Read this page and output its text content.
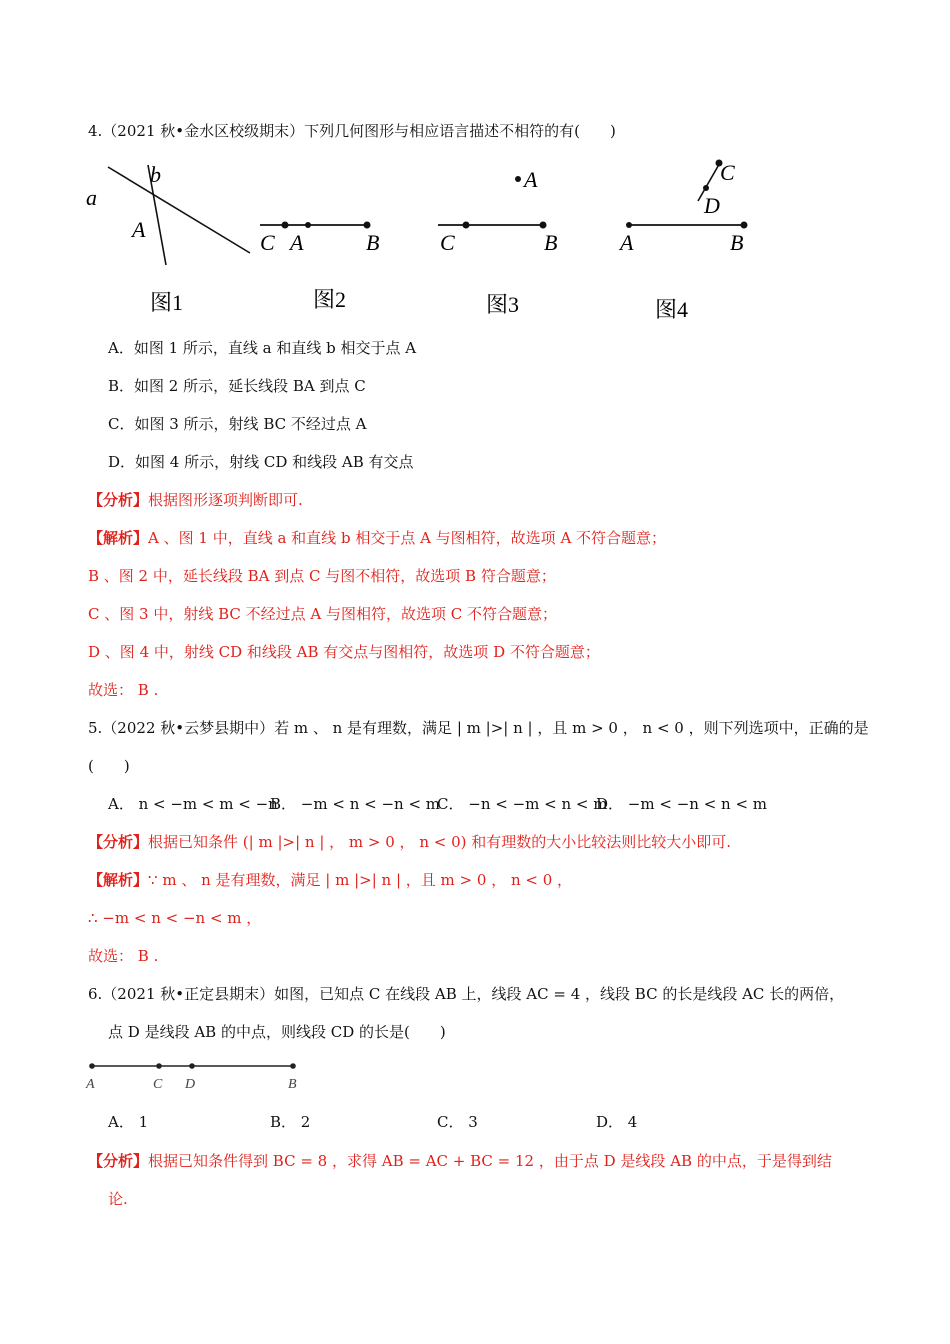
4.（2021 秋•金水区校级期末）下列几何图形与相应语言描述不相符的有(　　)
a
b
A
图1
C A	B
图2
A
C	B
图3
C
D
A	B
图4
A．如图 1 所示，直线 a 和直线 b 相交于点 A
B．如图 2 所示，延长线段 BA 到点 C
C．如图 3 所示，射线 BC 不经过点 A
D．如图 4 所示，射线 CD 和线段 AB 有交点
【分析】根据图形逐项判断即可.
【解析】A 、图 1 中，直线 a 和直线 b 相交于点 A 与图相符，故选项 A 不符合题意；
B 、图 2 中，延长线段 BA 到点 C 与图不相符，故选项 B 符合题意；
C 、图 3 中，射线 BC 不经过点 A 与图相符，故选项 C 不符合题意；
D 、图 4 中，射线 CD 和线段 AB 有交点与图相符，故选项 D 不符合题意；
故选： B .
5.（2022 秋•云梦县期中）若 m 、 n 是有理数，满足 | m |>| n | ，且 m > 0 ， n < 0 ，则下列选项中，正确的是
(　　)
A． n < −m < m < −n
B． −m < n < −n < m
C． −n < −m < n < m
D． −m < −n < n < m
【分析】根据已知条件 (| m |>| n | ， m > 0 ， n < 0) 和有理数的大小比较法则比较大小即可.
【解析】∵ m 、 n 是有理数，满足 | m |>| n | ，且 m > 0 ， n < 0 ，
∴ −m < n < −n < m ，
故选： B .
6.（2021 秋•正定县期末）如图，已知点 C 在线段 AB 上，线段 AC = 4 ，线段 BC 的长是线段 AC 长的两倍，
点 D 是线段 AB 的中点，则线段 CD 的长是(　　)
A	C D	B
A． 1	B． 2	C． 3	D． 4
【分析】根据已知条件得到 BC = 8 ，求得 AB = AC + BC = 12 ，由于点 D 是线段 AB 的中点，于是得到结
论.
